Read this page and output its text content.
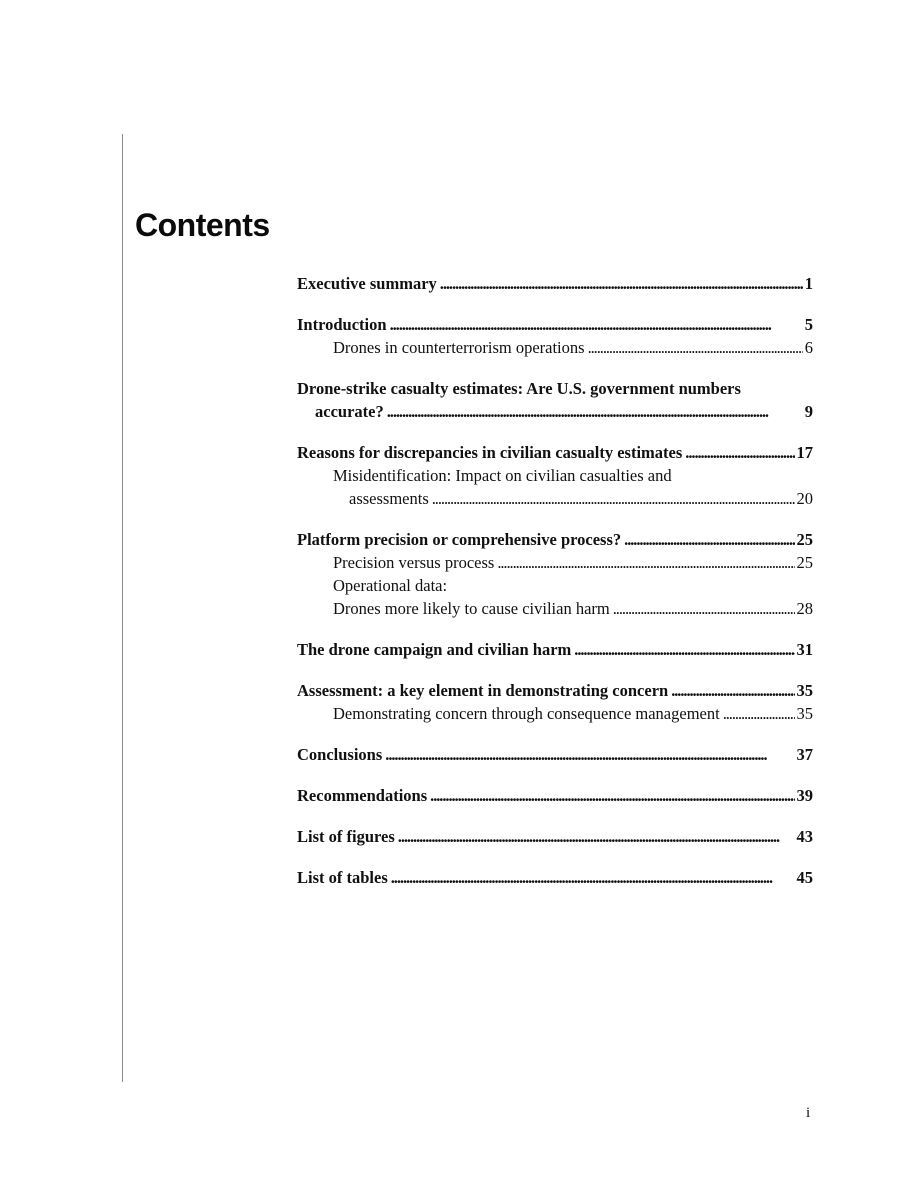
Contents
Executive summary . . .	1
Introduction . . .	5
Drones in counterterrorism operations . . .	6
Drone-strike casualty estimates: Are U.S. government numbers
accurate? . . .	9
Reasons for discrepancies in civilian casualty estimates . . .	17
Misidentification: Impact on civilian casualties and
assessments . . .	20
Platform precision or comprehensive process? . . .	25
Precision versus process . . .	25
Operational data:
Drones more likely to cause civilian harm . . .	28
The drone campaign and civilian harm . . .	31
Assessment: a key element in demonstrating concern . . .	35
Demonstrating concern through consequence management . . .	35
Conclusions . . .	37
Recommendations . . .	39
List of figures . . .	43
List of tables . . .	45
i
